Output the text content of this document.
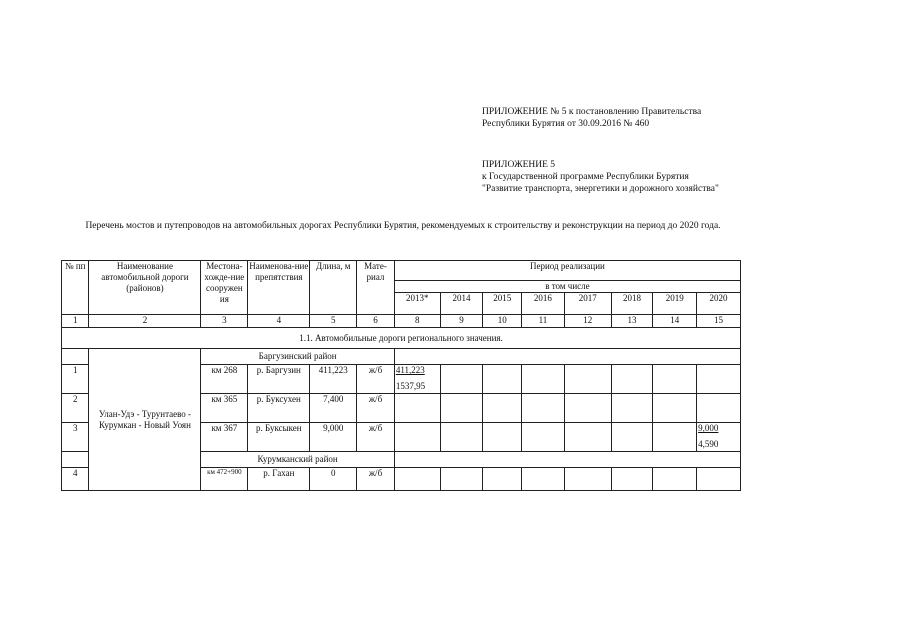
ПРИЛОЖЕНИЕ № 5 к постановлению Правительства
Республики Бурятия от 30.09.2016 № 460
ПРИЛОЖЕНИЕ 5
к Государственной программе Республики Бурятия
"Развитие транспорта, энергетики и дорожного хозяйства"
Перечень мостов и путепроводов на автомобильных дорогах Республики Бурятия, рекомендуемых к строительству и реконструкции на период до 2020 года.
№ пп	Наименование автомобильной дороги (районов)	Местона-хожде-ние сооружен ия	Наименова-ние препятствия	Длина, м	Мате-риал	Период реализации							
						в том числе							
						2013*	2014	2015	2016	2017	2018	2019	2020
1	2	3	4	5	6	8	9	10	11	12	13	14	15
1.1. Автомобильные дороги регионального значения.													
	Улан-Удэ - Турунтаево - Курумкан - Новый Уоян	Баргузинский район											
1		км 268	р. Баргузин	411,223	ж/б	411,223
1537,95							

2		км 365	р. Буксухен	7,400	ж/б								
3		км 367	р. Буксыкен	9,000	ж/б								9,000
4,590

		Курумканский район											
4		км 472+900	р. Гахан	0	ж/б								
